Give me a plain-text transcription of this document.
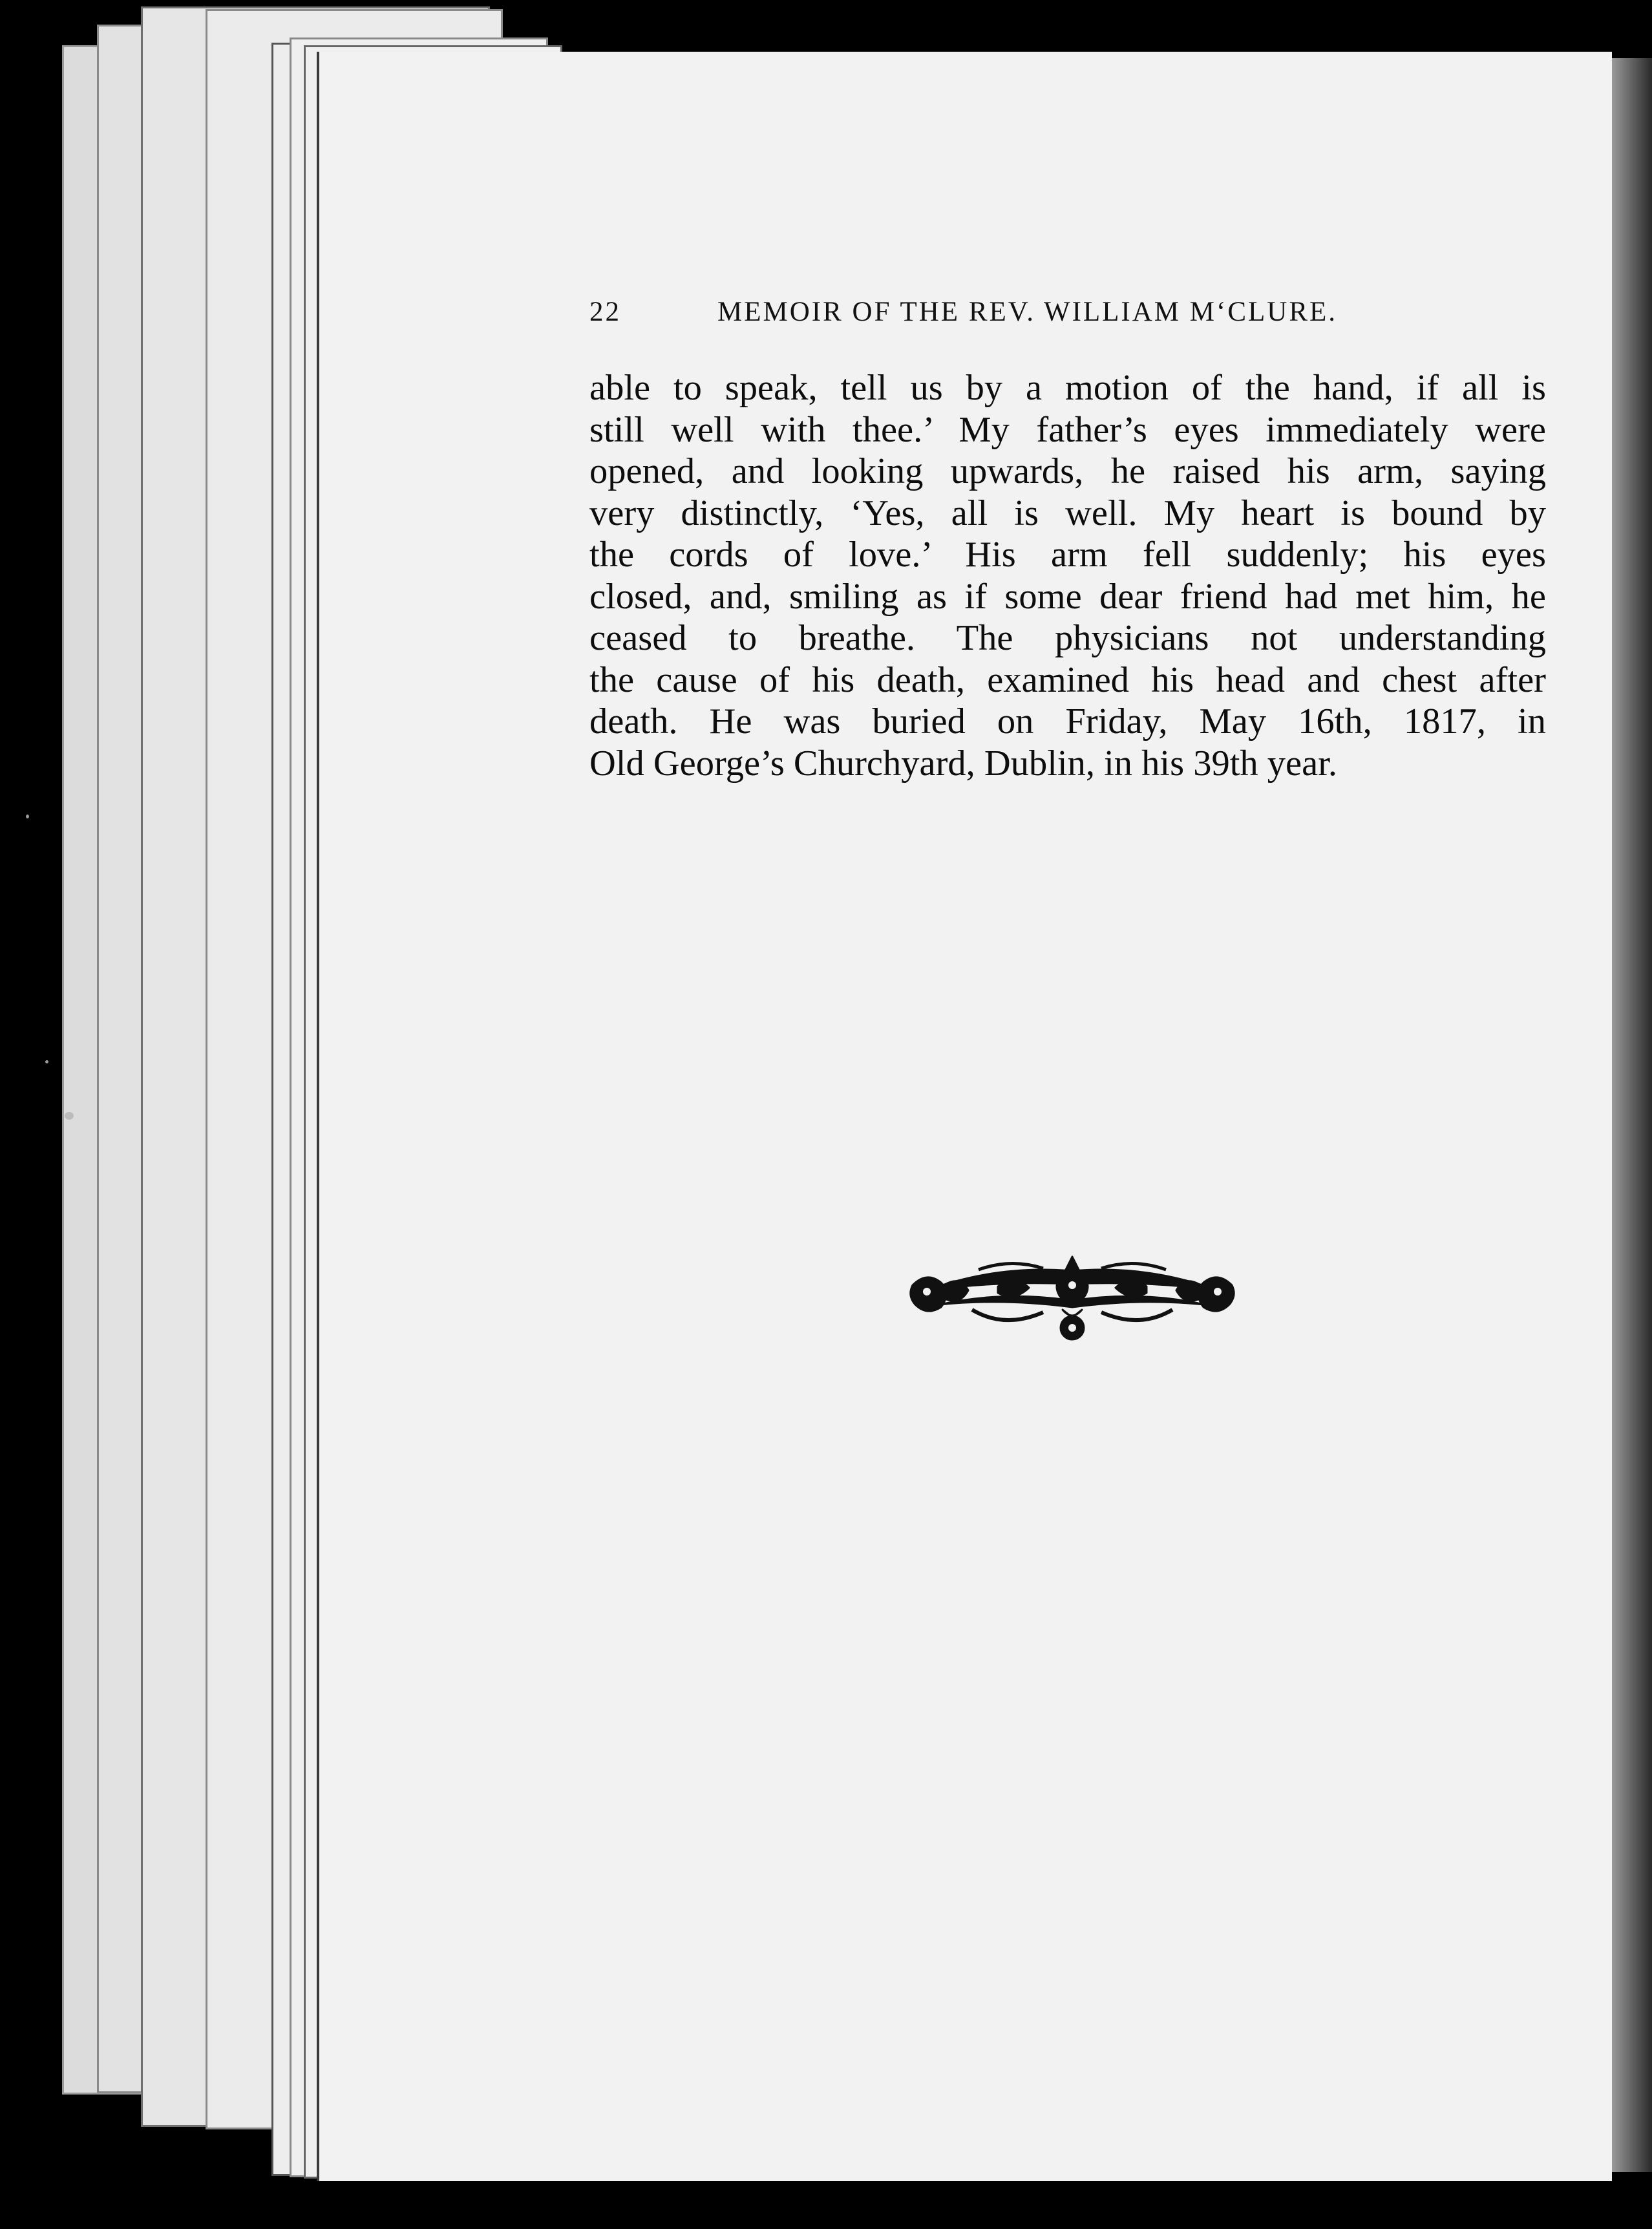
22	MEMOIR OF THE REV. WILLIAM M‘CLURE.
able to speak, tell us by a motion of the hand, if all is
still well with thee.’ My father’s eyes immediately were
opened, and looking upwards, he raised his arm, saying
very distinctly, ‘Yes, all is well. My heart is bound by
the cords of love.’ His arm fell suddenly; his eyes
closed, and, smiling as if some dear friend had met him, he
ceased to breathe. The physicians not understanding
the cause of his death, examined his head and chest after
death. He was buried on Friday, May 16th, 1817, in
Old George’s Churchyard, Dublin, in his 39th year.
